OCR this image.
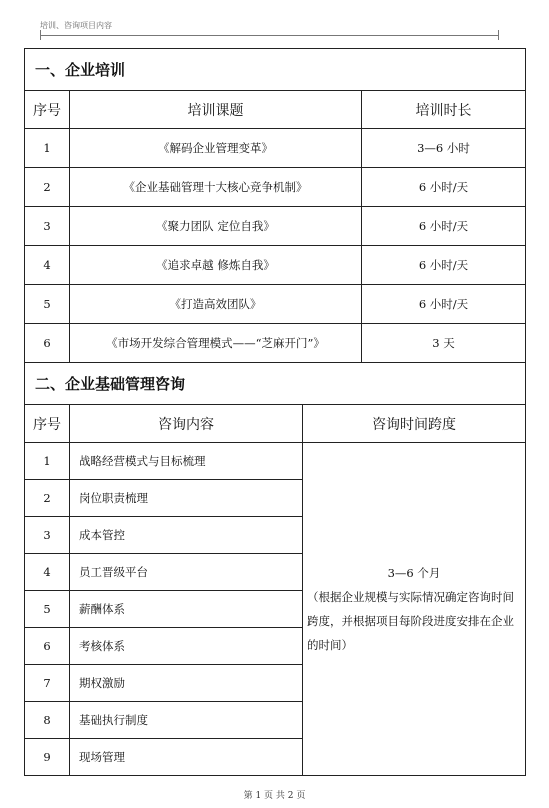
培训、咨询项目内容
一、企业培训		
序号	培训课题	培训时长
1	《解码企业管理变革》	3—6 小时
2	《企业基础管理十大核心竞争机制》	6 小时/天
3	《聚力团队 定位自我》	6 小时/天
4	《追求卓越 修炼自我》	6 小时/天
5	《打造高效团队》	6 小时/天
6	《市场开发综合管理模式——“芝麻开门”》	3 天
二、企业基础管理咨询		
序号	咨询内容	咨询时间跨度
1	战略经营模式与目标梳理	3—6 个月
（根据企业规模与实际情况确定咨询时间跨度，并根据项目每阶段进度安排在企业的时间）

2	岗位职责梳理	
3	成本管控	
4	员工晋级平台	
5	薪酬体系	
6	考核体系	
7	期权激励	
8	基础执行制度	
9	现场管理	
第 1 页 共 2 页
